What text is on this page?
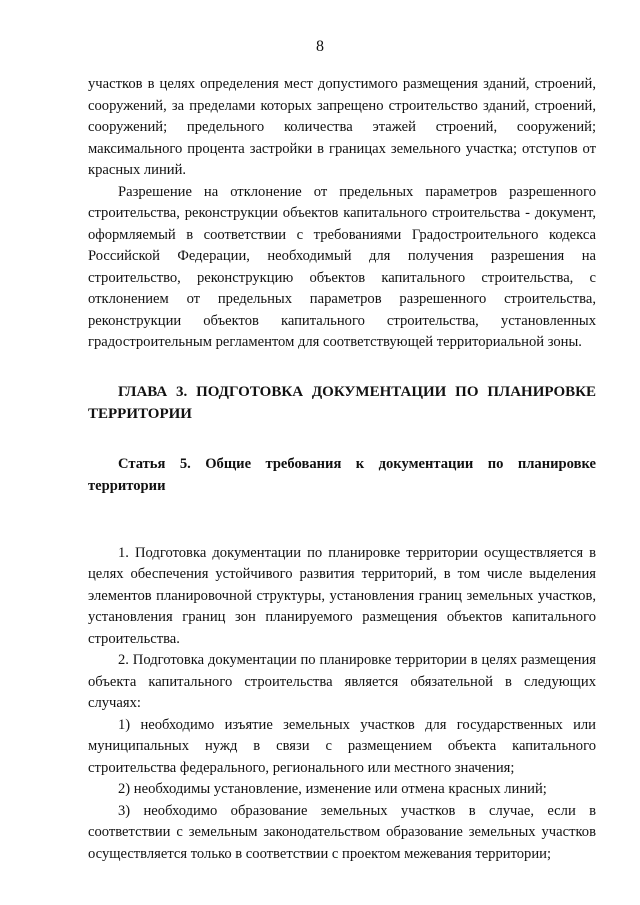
8

участков в целях определения мест допустимого размещения зданий, строений, сооружений, за пределами которых запрещено строительство зданий, строений, сооружений; предельного количества этажей строений, сооружений; максимального процента застройки в границах земельного участка; отступов от красных линий.

Разрешение на отклонение от предельных параметров разрешенного строительства, реконструкции объектов капитального строительства - документ, оформляемый в соответствии с требованиями Градостроительного кодекса Российской Федерации, необходимый для получения разрешения на строительство, реконструкцию объектов капитального строительства, с отклонением от предельных параметров разрешенного строительства, реконструкции объектов капитального строительства, установленных градостроительным регламентом для соответствующей территориальной зоны.

ГЛАВА 3. ПОДГОТОВКА ДОКУМЕНТАЦИИ ПО ПЛАНИРОВКЕ ТЕРРИТОРИИ

Статья 5. Общие требования к документации по планировке территории

1. Подготовка документации по планировке территории осуществляется в целях обеспечения устойчивого развития территорий, в том числе выделения элементов планировочной структуры, установления границ земельных участков, установления границ зон планируемого размещения объектов капитального строительства.

2. Подготовка документации по планировке территории в целях размещения объекта капитального строительства является обязательной в следующих случаях:

1) необходимо изъятие земельных участков для государственных или муниципальных нужд в связи с размещением объекта капитального строительства федерального, регионального или местного значения;

2) необходимы установление, изменение или отмена красных линий;

3) необходимо образование земельных участков в случае, если в соответствии с земельным законодательством образование земельных участков осуществляется только в соответствии с проектом межевания территории;
